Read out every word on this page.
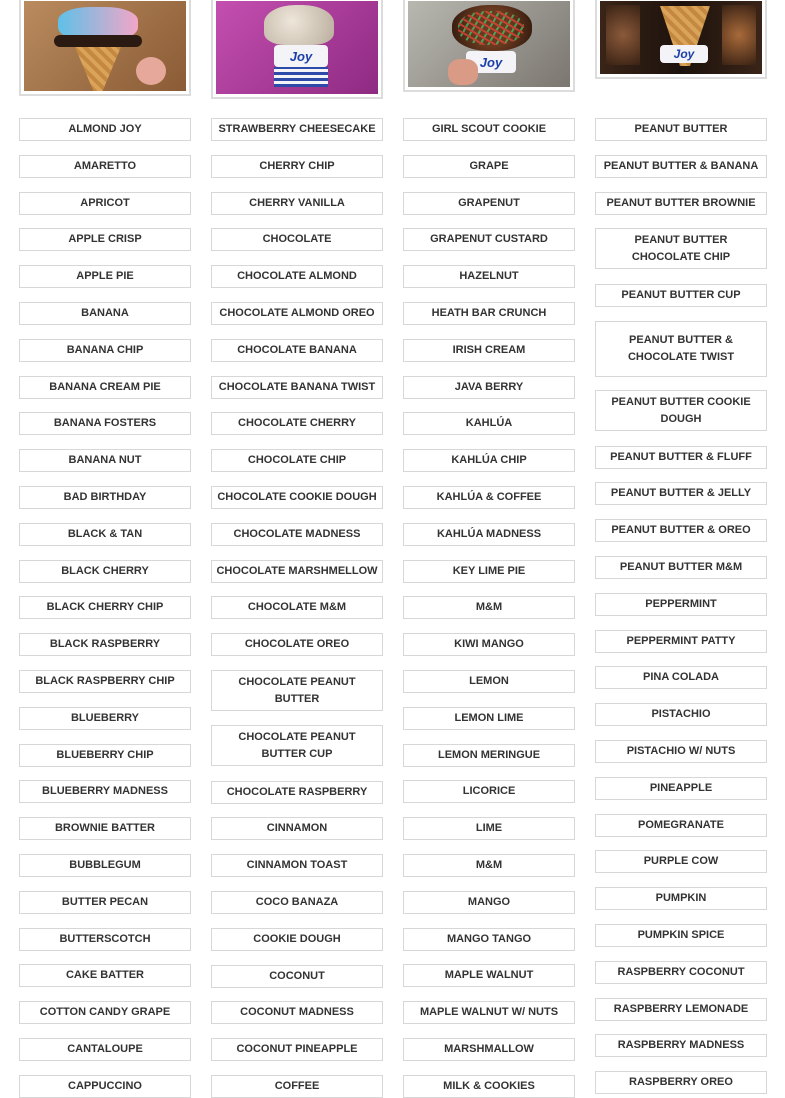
ALMOND JOY
AMARETTO
APRICOT
APPLE CRISP
APPLE PIE
BANANA
BANANA CHIP
BANANA CREAM PIE
BANANA FOSTERS
BANANA NUT
BAD BIRTHDAY
BLACK & TAN
BLACK CHERRY
BLACK CHERRY CHIP
BLACK RASPBERRY
BLACK RASPBERRY CHIP
BLUEBERRY
BLUEBERRY CHIP
BLUEBERRY MADNESS
BROWNIE BATTER
BUBBLEGUM
BUTTER PECAN
BUTTERSCOTCH
CAKE BATTER
COTTON CANDY GRAPE
CANTALOUPE
CAPPUCCINO
Joy
STRAWBERRY CHEESECAKE
CHERRY CHIP
CHERRY VANILLA
CHOCOLATE
CHOCOLATE ALMOND
CHOCOLATE ALMOND OREO
CHOCOLATE BANANA
CHOCOLATE BANANA TWIST
CHOCOLATE CHERRY
CHOCOLATE CHIP
CHOCOLATE COOKIE DOUGH
CHOCOLATE MADNESS
CHOCOLATE MARSHMELLOW
CHOCOLATE M&M
CHOCOLATE OREO
CHOCOLATE PEANUT BUTTER
CHOCOLATE PEANUT BUTTER CUP
CHOCOLATE RASPBERRY
CINNAMON
CINNAMON TOAST
COCO BANAZA
COOKIE DOUGH
COCONUT
COCONUT MADNESS
COCONUT PINEAPPLE
COFFEE
Joy
GIRL SCOUT COOKIE
GRAPE
GRAPENUT
GRAPENUT CUSTARD
HAZELNUT
HEATH BAR CRUNCH
IRISH CREAM
JAVA BERRY
KAHLÚA
KAHLÚA CHIP
KAHLÚA & COFFEE
KAHLÚA MADNESS
KEY LIME PIE
M&M
KIWI MANGO
LEMON
LEMON LIME
LEMON MERINGUE
LICORICE
LIME
M&M
MANGO
MANGO TANGO
MAPLE WALNUT
MAPLE WALNUT W/ NUTS
MARSHMALLOW
MILK & COOKIES
Joy
PEANUT BUTTER
PEANUT BUTTER & BANANA
PEANUT BUTTER BROWNIE
PEANUT BUTTER CHOCOLATE CHIP
PEANUT BUTTER CUP
PEANUT BUTTER & CHOCOLATE TWIST
PEANUT BUTTER COOKIE DOUGH
PEANUT BUTTER & FLUFF
PEANUT BUTTER & JELLY
PEANUT BUTTER & OREO
PEANUT BUTTER M&M
PEPPERMINT
PEPPERMINT PATTY
PINA COLADA
PISTACHIO
PISTACHIO W/ NUTS
PINEAPPLE
POMEGRANATE
PURPLE COW
PUMPKIN
PUMPKIN SPICE
RASPBERRY COCONUT
RASPBERRY LEMONADE
RASPBERRY MADNESS
RASPBERRY OREO
